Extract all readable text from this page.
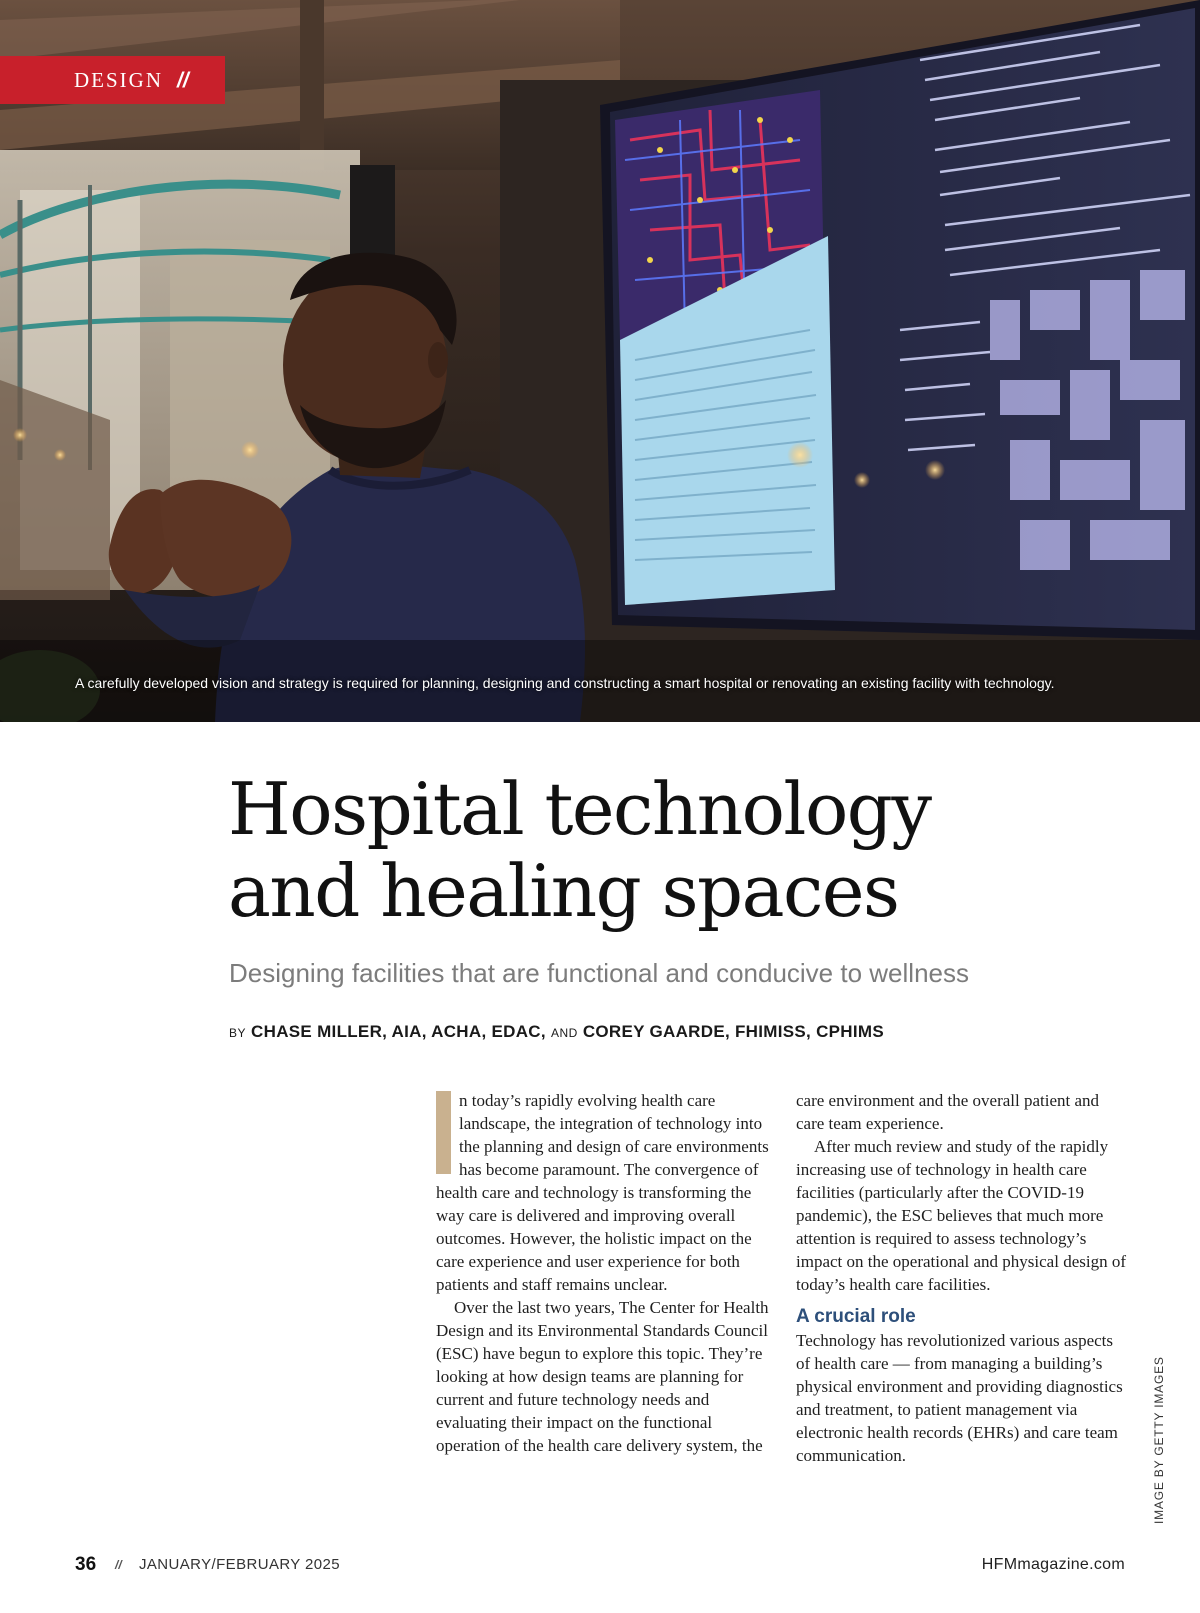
DESIGN //
A carefully developed vision and strategy is required for planning, designing and constructing a smart hospital or renovating an existing facility with technology.
Hospital technology
and healing spaces
Designing facilities that are functional and conducive to wellness
BY CHASE MILLER, AIA, ACHA, EDAC, AND COREY GAARDE, FHIMISS, CPHIMS

n today’s rapidly evolving health care landscape, the integration of technology into the planning and design of care environments has become paramount. The convergence of health care and technology is transforming the way care is delivered and improving overall outcomes. However, the holistic impact on the care experience and user experience for both patients and staff remains unclear.

Over the last two years, The Center for Health Design and its Environmental Standards Council (ESC) have begun to explore this topic. They’re looking at how design teams are planning for current and future technology needs and evaluating their impact on the functional operation of the health care delivery system, the

care environment and the overall patient and care team experience.

After much review and study of the rapidly increasing use of technology in health care facilities (particularly after the COVID-19 pandemic), the ESC believes that much more attention is required to assess technology’s impact on the operational and physical design of today’s health care facilities.

A crucial role

Technology has revolutionized various aspects of health care — from managing a building’s physical environment and providing diagnostics and treatment, to patient management via electronic health records (EHRs) and care team communication.	IMAGE BY GETTY IMAGES
36 // JANUARY/FEBRUARY 2025	HFMmagazine.com
